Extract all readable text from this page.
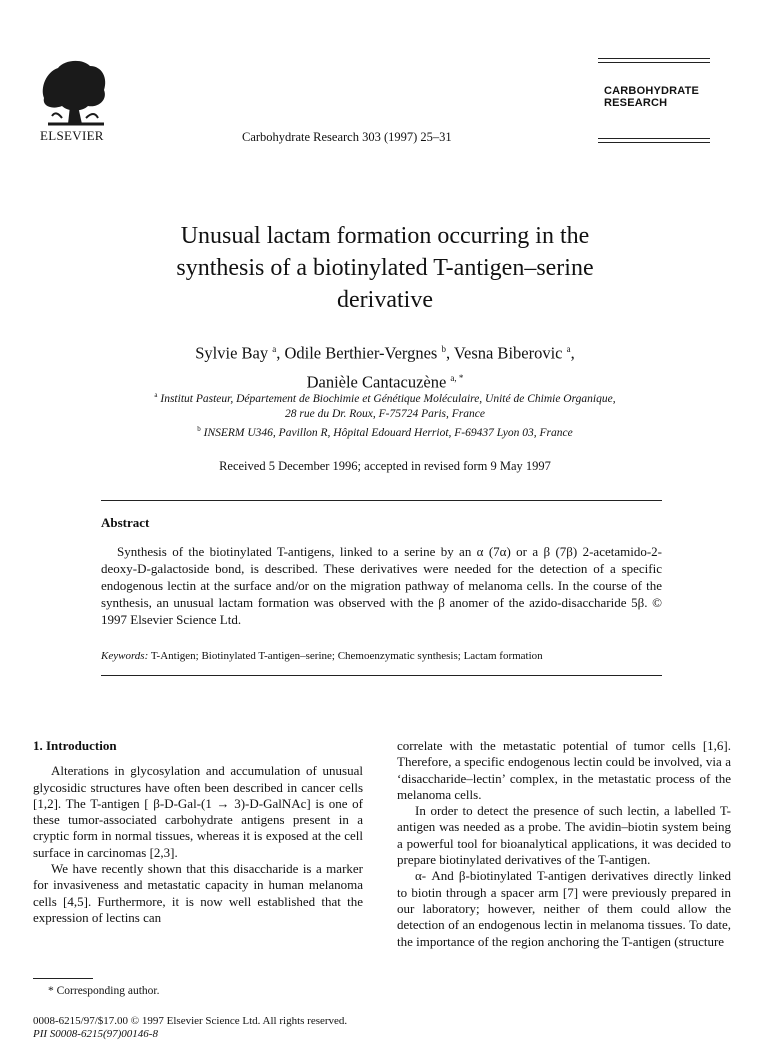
ELSEVIER	Carbohydrate Research 303 (1997) 25–31
CARBOHYDRATE
RESEARCH
Unusual lactam formation occurring in the
synthesis of a biotinylated T-antigen–serine
derivative
Sylvie Bay $^a$, Odile Berthier-Vergnes $^b$, Vesna Biberovic $^a$,
Danièle Cantacuzène $^{a, *}$
$^a$ Institut Pasteur, Département de Biochimie et Génétique Moléculaire, Unité de Chimie Organique,
28 rue du Dr. Roux, F-75724 Paris, France
$^b$ INSERM U346, Pavillon R, Hôpital Edouard Herriot, F-69437 Lyon 03, France
Received 5 December 1996; accepted in revised form 9 May 1997
Abstract
Synthesis of the biotinylated T-antigens, linked to a serine by an α (7α) or a β (7β) 2-acetamido-2-deoxy-D-galactoside bond, is described. These derivatives were needed for the detection of a specific endogenous lectin at the surface and/or on the migration pathway of melanoma cells. In the course of the synthesis, an unusual lactam formation was observed with the β anomer of the azido-disaccharide 5β. © 1997 Elsevier Science Ltd.
Keywords: T-Antigen; Biotinylated T-antigen–serine; Chemoenzymatic synthesis; Lactam formation
1. Introduction

Alterations in glycosylation and accumulation of unusual glycosidic structures have often been described in cancer cells [1,2]. The T-antigen [ β-D-Gal-(1 → 3)-D-GalNAc] is one of these tumor-associated carbohydrate antigens present in a cryptic form in normal tissues, whereas it is exposed at the cell surface in carcinomas [2,3].

We have recently shown that this disaccharide is a marker for invasiveness and metastatic capacity in human melanoma cells [4,5]. Furthermore, it is now well established that the expression of lectins can

correlate with the metastatic potential of tumor cells [1,6]. Therefore, a specific endogenous lectin could be involved, via a ‘disaccharide–lectin’ complex, in the metastatic process of the melanoma cells.

In order to detect the presence of such lectin, a labelled T-antigen was needed as a probe. The avidin–biotin system being a powerful tool for bioanalytical applications, it was decided to prepare biotinylated derivatives of the T-antigen.

α- And β-biotinylated T-antigen derivatives directly linked to biotin through a spacer arm [7] were previously prepared in our laboratory; however, neither of them could allow the detection of an endogenous lectin in melanoma tissues. To date, the importance of the region anchoring the T-antigen (structure

* Corresponding author.
0008-6215/97/$17.00 © 1997 Elsevier Science Ltd. All rights reserved.
PII S0008-6215(97)00146-8
